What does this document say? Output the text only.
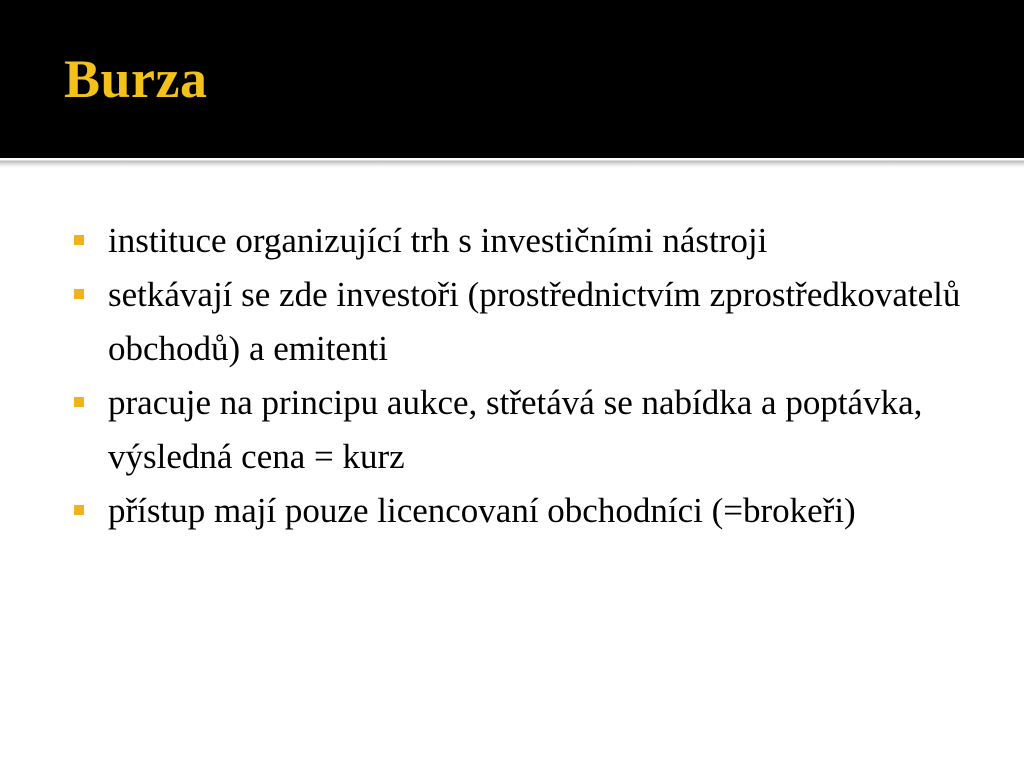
Burza
instituce organizující trh s investičními nástroji
setkávají se zde investoři (prostřednictvím zprostředkovatelů obchodů) a emitenti
pracuje na principu aukce, střetává se nabídka a poptávka, výsledná cena = kurz
přístup mají pouze licencovaní obchodníci (=brokeři)
